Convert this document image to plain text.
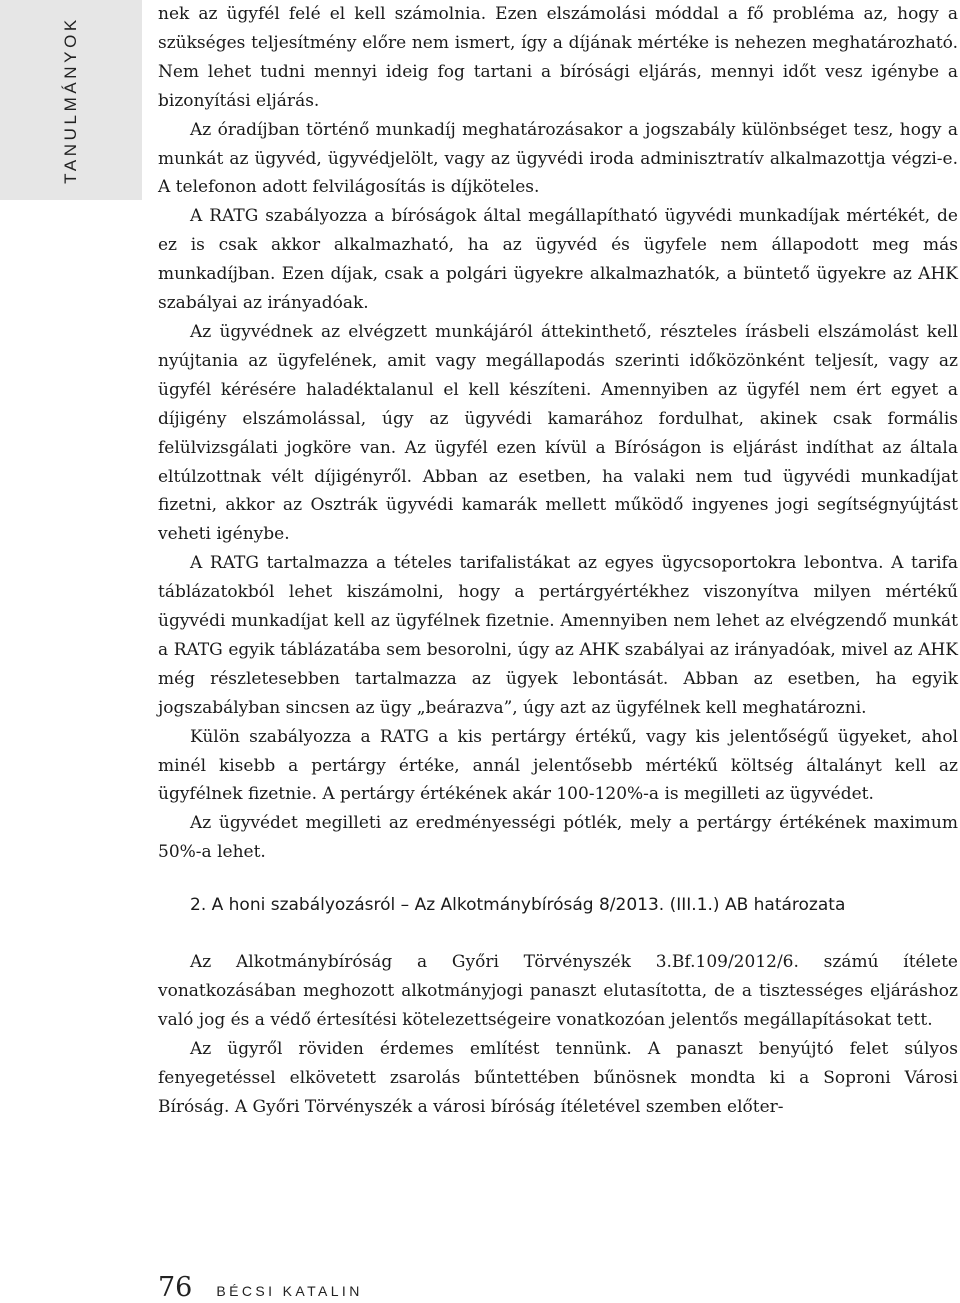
TANULMÁNYOK

nek az ügyfél felé el kell számolnia. Ezen elszámolási móddal a fő probléma az, hogy a szükséges teljesítmény előre nem ismert, így a díjának mértéke is nehezen meghatározható. Nem lehet tudni mennyi ideig fog tartani a bírósági eljárás, mennyi időt vesz igénybe a bizonyítási eljárás.

Az óradíjban történő munkadíj meghatározásakor a jogszabály különbséget tesz, hogy a munkát az ügyvéd, ügyvédjelölt, vagy az ügyvédi iroda adminisztratív alkalmazottja végzi-e. A telefonon adott felvilágosítás is díjköteles.

A RATG szabályozza a bíróságok által megállapítható ügyvédi munkadíjak mértékét, de ez is csak akkor alkalmazható, ha az ügyvéd és ügyfele nem állapodott meg más munkadíjban. Ezen díjak, csak a polgári ügyekre alkalmazhatók, a büntető ügyekre az AHK szabályai az irányadóak.

Az ügyvédnek az elvégzett munkájáról áttekinthető, részteles írásbeli elszámolást kell nyújtania az ügyfelének, amit vagy megállapodás szerinti időközönként teljesít, vagy az ügyfél kérésére haladéktalanul el kell készíteni. Amennyiben az ügyfél nem ért egyet a díjigény elszámolással, úgy az ügyvédi kamarához fordulhat, akinek csak formális felülvizsgálati jogköre van. Az ügyfél ezen kívül a Bíróságon is eljárást indíthat az általa eltúlzottnak vélt díjigényről. Abban az esetben, ha valaki nem tud ügyvédi munkadíjat fizetni, akkor az Osztrák ügyvédi kamarák mellett működő ingyenes jogi segítségnyújtást veheti igénybe.

A RATG tartalmazza a tételes tarifalistákat az egyes ügycsoportokra lebontva. A tarifa táblázatokból lehet kiszámolni, hogy a pertárgyértékhez viszonyítva milyen mértékű ügyvédi munkadíjat kell az ügyfélnek fizetnie. Amennyiben nem lehet az elvégzendő munkát a RATG egyik táblázatába sem besorolni, úgy az AHK szabályai az irányadóak, mivel az AHK még részletesebben tartalmazza az ügyek lebontását. Abban az esetben, ha egyik jogszabályban sincsen az ügy „beárazva”, úgy azt az ügyfélnek kell meghatározni.

Külön szabályozza a RATG a kis pertárgy értékű, vagy kis jelentőségű ügyeket, ahol minél kisebb a pertárgy értéke, annál jelentősebb mértékű költség általányt kell az ügyfélnek fizetnie. A pertárgy értékének akár 100-120%-a is megilleti az ügyvédet.

Az ügyvédet megilleti az eredményességi pótlék, mely a pertárgy értékének maximum 50%-a lehet.

2. A honi szabályozásról – Az Alkotmánybíróság 8/2013. (III.1.) AB határozata

Az Alkotmánybíróság a Győri Törvényszék 3.Bf.109/2012/6. számú ítélete vonatkozásában meghozott alkotmányjogi panaszt elutasította, de a tisztességes eljáráshoz való jog és a védő értesítési kötelezettségeire vonatkozóan jelentős megállapításokat tett.

Az ügyről röviden érdemes említést tennünk. A panaszt benyújtó felet súlyos fenyegetéssel elkövetett zsarolás bűntettében bűnösnek mondta ki a Soproni Városi Bíróság. A Győri Törvényszék a városi bíróság ítéletével szemben előter-

76 BÉCSI KATALIN
